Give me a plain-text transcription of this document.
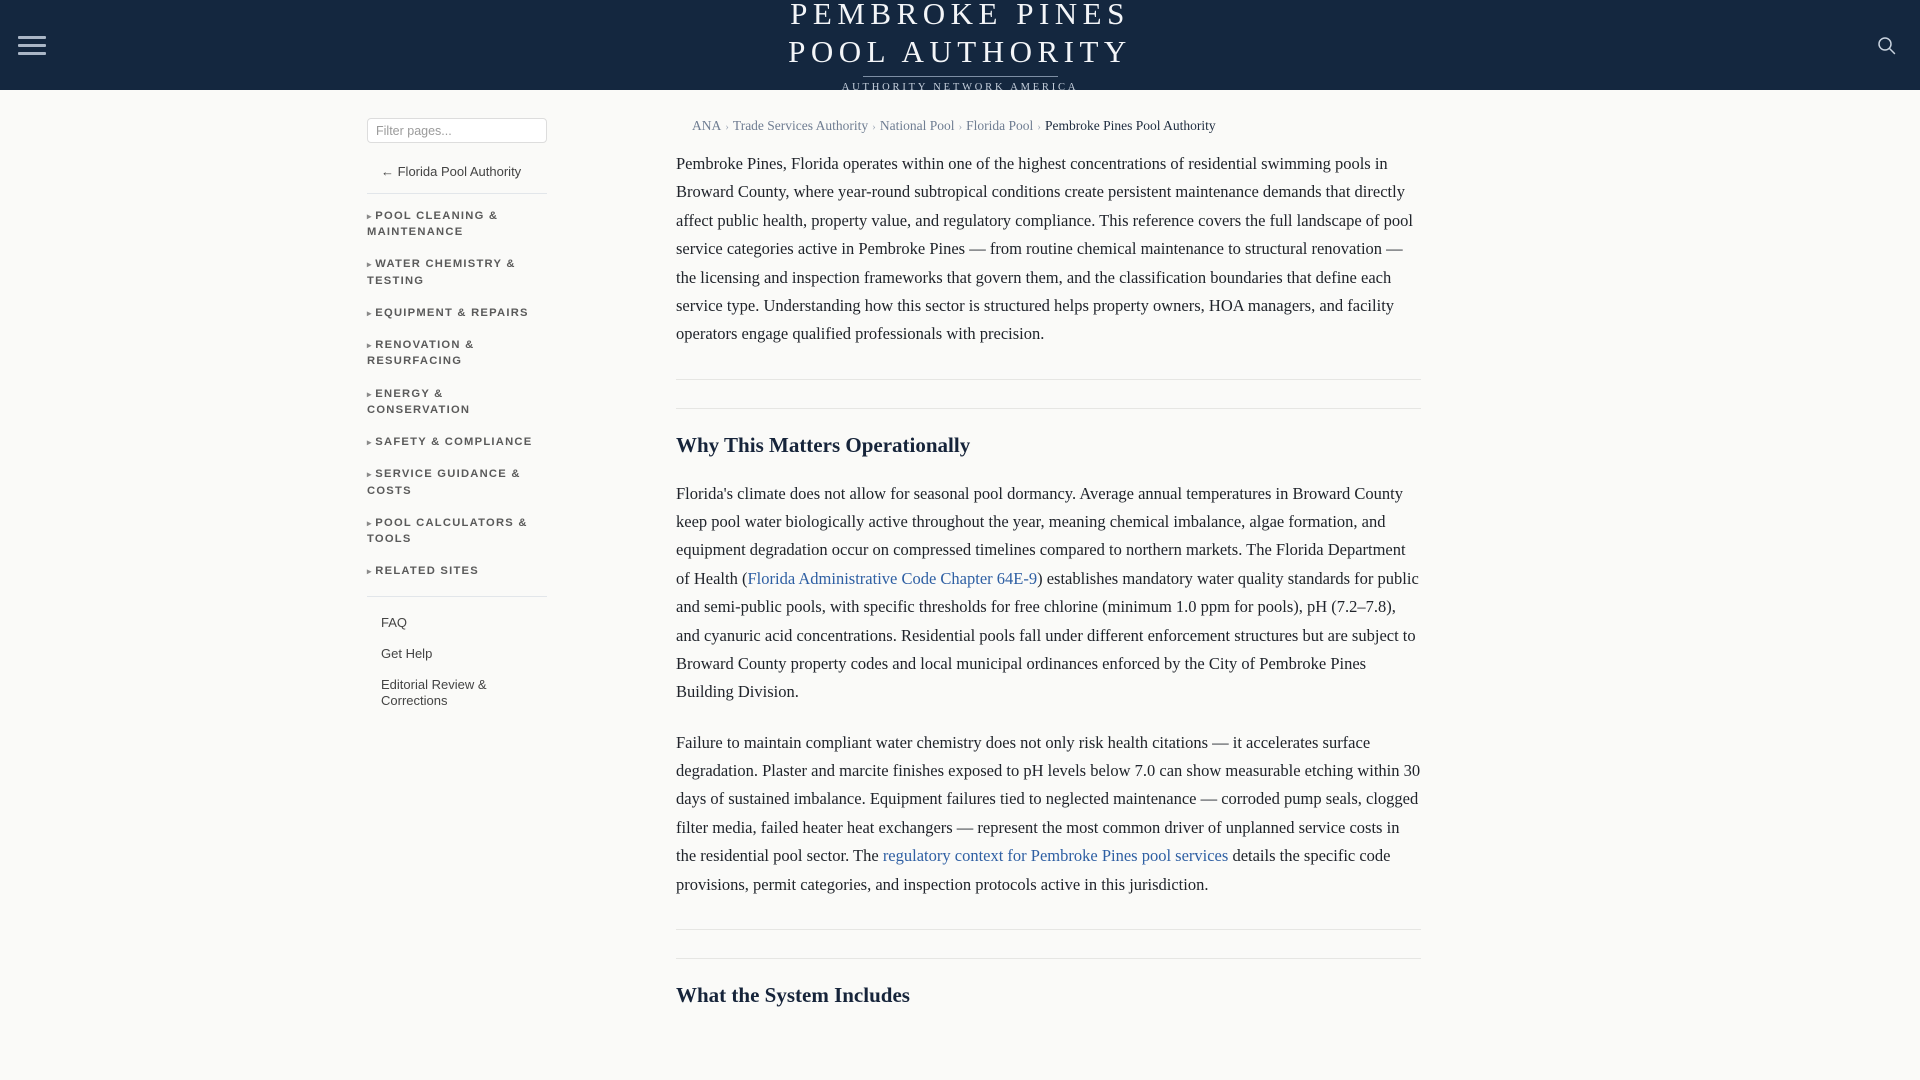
PEMBROKE PINES
POOL AUTHORITY
AUTHORITY NETWORK AMERICA
Filter pages...
← Florida Pool Authority
▸ POOL CLEANING & MAINTENANCE
▸ WATER CHEMISTRY & TESTING
▸ EQUIPMENT & REPAIRS
▸ RENOVATION & RESURFACING
▸ ENERGY & CONSERVATION
▸ SAFETY & COMPLIANCE
▸ SERVICE GUIDANCE & COSTS
▸ POOL CALCULATORS & TOOLS
▸ RELATED SITES
FAQ
Get Help
Editorial Review & Corrections
ANA › Trade Services Authority › National Pool › Florida Pool › Pembroke Pines Pool Authority

Pembroke Pines, Florida operates within one of the highest concentrations of residential swimming pools in Broward County, where year-round subtropical conditions create persistent maintenance demands that directly affect public health, property value, and regulatory compliance. This reference covers the full landscape of pool service categories active in Pembroke Pines — from routine chemical maintenance to structural renovation — the licensing and inspection frameworks that govern them, and the classification boundaries that define each service type. Understanding how this sector is structured helps property owners, HOA managers, and facility operators engage qualified professionals with precision.

Why This Matters Operationally

Florida's climate does not allow for seasonal pool dormancy. Average annual temperatures in Broward County keep pool water biologically active throughout the year, meaning chemical imbalance, algae formation, and equipment degradation occur on compressed timelines compared to northern markets. The Florida Department of Health (Florida Administrative Code Chapter 64E-9) establishes mandatory water quality standards for public and semi-public pools, with specific thresholds for free chlorine (minimum 1.0 ppm for pools), pH (7.2–7.8), and cyanuric acid concentrations. Residential pools fall under different enforcement structures but are subject to Broward County property codes and local municipal ordinances enforced by the City of Pembroke Pines Building Division.

Failure to maintain compliant water chemistry does not only risk health citations — it accelerates surface degradation. Plaster and marcite finishes exposed to pH levels below 7.0 can show measurable etching within 30 days of sustained imbalance. Equipment failures tied to neglected maintenance — corroded pump seals, clogged filter media, failed heater heat exchangers — represent the most common driver of unplanned service costs in the residential pool sector. The regulatory context for Pembroke Pines pool services details the specific code provisions, permit categories, and inspection protocols active in this jurisdiction.

What the System Includes
